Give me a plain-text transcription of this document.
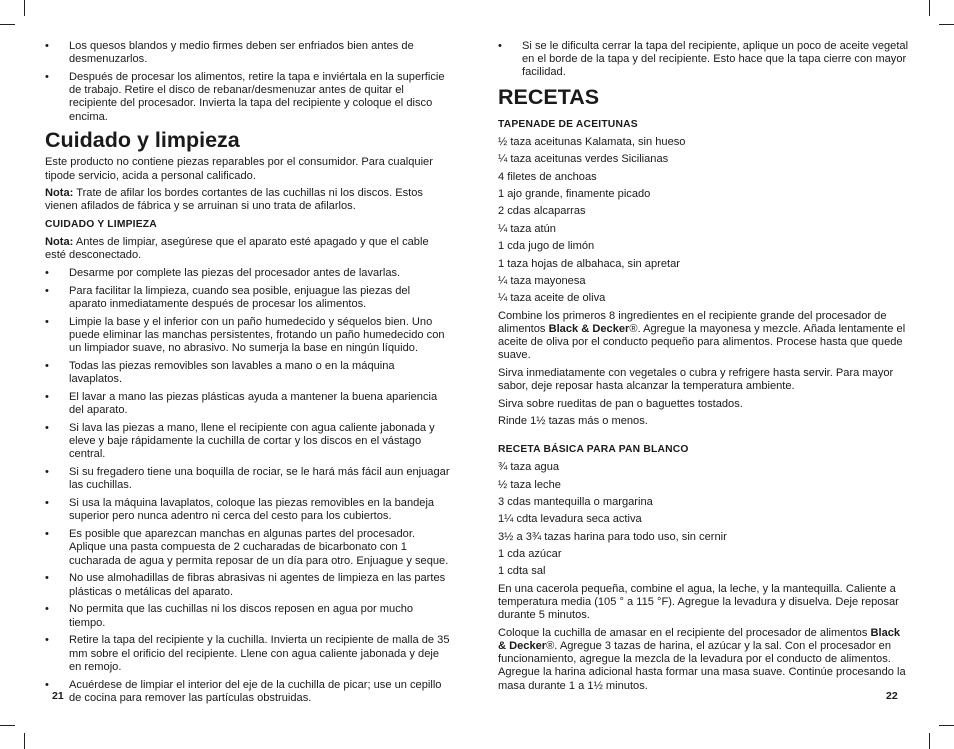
• Los quesos blandos y medio firmes deben ser enfriados bien antes de desmenuzarlos.
• Después de procesar los alimentos, retire la tapa e inviértala en la superficie de trabajo. Retire el disco de rebanar/desmenuzar antes de quitar el recipiente del procesador. Invierta la tapa del recipiente y coloque el disco encima.
Cuidado y limpieza

Este producto no contiene piezas reparables por el consumidor. Para cualquier tipode servicio, acida a personal calificado.

Nota: Trate de afilar los bordes cortantes de las cuchillas ni los discos. Estos vienen afilados de fábrica y se arruinan si uno trata de afilarlos.

CUIDADO Y LIMPIEZA

Nota: Antes de limpiar, asegúrese que el aparato esté apagado y que el cable esté desconectado.

• Desarme por complete las piezas del procesador antes de lavarlas.
• Para facilitar la limpieza, cuando sea posible, enjuague las piezas del aparato inmediatamente después de procesar los alimentos.
• Limpie la base y el inferior con un paño humedecido y séquelos bien. Uno puede eliminar las manchas persistentes, frotando un paño humedecido con un limpiador suave, no abrasivo. No sumerja la base en ningún líquido.
• Todas las piezas removibles son lavables a mano o en la máquina lavaplatos.
• El lavar a mano las piezas plásticas ayuda a mantener la buena apariencia del aparato.
• Si lava las piezas a mano, llene el recipiente con agua caliente jabonada y eleve y baje rápidamente la cuchilla de cortar y los discos en el vástago central.
• Si su fregadero tiene una boquilla de rociar, se le hará más fácil aun enjuagar las cuchillas.
• Si usa la máquina lavaplatos, coloque las piezas removibles en la bandeja superior pero nunca adentro ni cerca del cesto para los cubiertos.
• Es posible que aparezcan manchas en algunas partes del procesador. Aplique una pasta compuesta de 2 cucharadas de bicarbonato con 1 cucharada de agua y permita reposar de un día para otro. Enjuague y seque.
• No use almohadillas de fibras abrasivas ni agentes de limpieza en las partes plásticas o metálicas del aparato.
• No permita que las cuchillas ni los discos reposen en agua por mucho tiempo.
• Retire la tapa del recipiente y la cuchilla. Invierta un recipiente de malla de 35 mm sobre el orificio del recipiente. Llene con agua caliente jabonada y deje en remojo.
• Acuérdese de limpiar el interior del eje de la cuchilla de picar; use un cepillo de cocina para remover las partículas obstruidas.
21
• Si se le dificulta cerrar la tapa del recipiente, aplique un poco de aceite vegetal en el borde de la tapa y del recipiente. Esto hace que la tapa cierre con mayor facilidad.
RECETAS
TAPENADE DE ACEITUNAS

½ taza aceitunas Kalamata, sin hueso

¼ taza aceitunas verdes Sicilianas

4 filetes de anchoas

1 ajo grande, finamente picado

2 cdas alcaparras

¼ taza atún

1 cda jugo de limón

1 taza hojas de albahaca, sin apretar

¼ taza mayonesa

¼ taza aceite de oliva

Combine los primeros 8 ingredientes en el recipiente grande del procesador de alimentos Black & Decker®. Agregue la mayonesa y mezcle. Añada lentamente el aceite de oliva por el conducto pequeño para alimentos. Procese hasta que quede suave.

Sirva inmediatamente con vegetales o cubra y refrigere hasta servir. Para mayor sabor, deje reposar hasta alcanzar la temperatura ambiente.

Sirva sobre rueditas de pan o baguettes tostados.

Rinde 1½ tazas más o menos.

RECETA BÁSICA PARA PAN BLANCO

¾ taza agua

½ taza leche

3 cdas mantequilla o margarina

1¼ cdta levadura seca activa

3½ a 3¾ tazas harina para todo uso, sin cernir

1 cda azúcar

1 cdta sal

En una cacerola pequeña, combine el agua, la leche, y la mantequilla. Caliente a temperatura media (105 ° a 115 °F). Agregue la levadura y disuelva. Deje reposar durante 5 minutos.

Coloque la cuchilla de amasar en el recipiente del procesador de alimentos Black & Decker®. Agregue 3 tazas de harina, el azúcar y la sal. Con el procesador en funcionamiento, agregue la mezcla de la levadura por el conducto de alimentos. Agregue la harina adicional hasta formar una masa suave. Continúe procesando la masa durante 1 a 1½ minutos.

22
